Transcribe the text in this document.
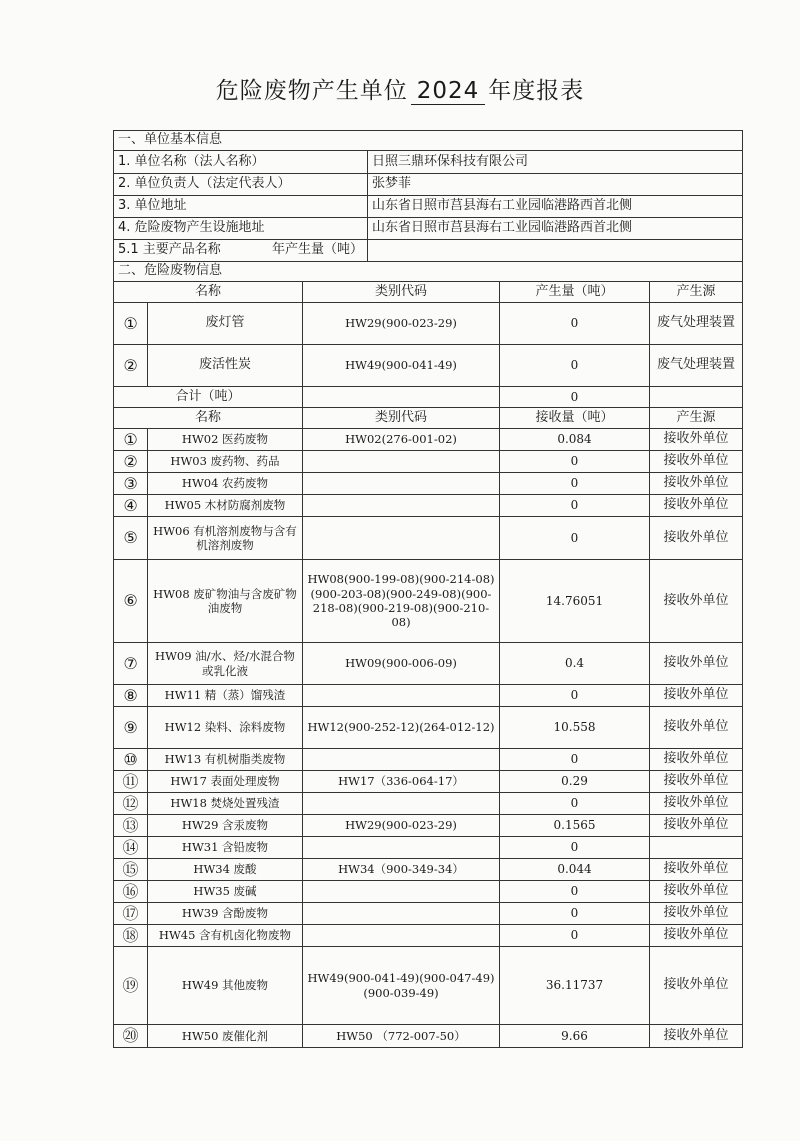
危险废物产生单位 2024 年度报表
一、单位基本信息					
1. 单位名称（法人名称）			日照三鼎环保科技有限公司		
2. 单位负责人（法定代表人）			张梦菲		
3. 单位地址			山东省日照市莒县海右工业园临港路西首北侧		
4. 危险废物产生设施地址			山东省日照市莒县海右工业园临港路西首北侧		
5.1 主要产品名称 年产生量（吨）					

二、危险废物信息					
名称		类别代码		产生量（吨）	产生源
①	废灯管	HW29(900-023-29)		0	废气处理装置
②	废活性炭	HW49(900-041-49)		0	废气处理装置
合计（吨）				0	
名称		类别代码		接收量（吨）	产生源
①	HW02 医药废物	HW02(276-001-02)		0.084	接收外单位
②	HW03 废药物、药品			0	接收外单位
③	HW04 农药废物			0	接收外单位
④	HW05 木材防腐剂废物			0	接收外单位
⑤	HW06 有机溶剂废物与含有机溶剂废物			0	接收外单位
⑥	HW08 废矿物油与含废矿物油废物	HW08(900-199-08)(900-214-08)(900-203-08)(900-249-08)(900-218-08)(900-219-08)(900-210-08)		14.76051	接收外单位
⑦	HW09 油/水、烃/水混合物或乳化液	HW09(900-006-09)		0.4	接收外单位
⑧	HW11 精（蒸）馏残渣			0	接收外单位
⑨	HW12 染料、涂料废物	HW12(900-252-12)(264-012-12)		10.558	接收外单位
⑩	HW13 有机树脂类废物			0	接收外单位
⑪	HW17 表面处理废物	HW17（336-064-17）		0.29	接收外单位
⑫	HW18 焚烧处置残渣			0	接收外单位
⑬	HW29 含汞废物	HW29(900-023-29)		0.1565	接收外单位
⑭	HW31 含铅废物			0	
⑮	HW34 废酸	HW34（900-349-34）		0.044	接收外单位
⑯	HW35 废碱			0	接收外单位
⑰	HW39 含酚废物			0	接收外单位
⑱	HW45 含有机卤化物废物			0	接收外单位
⑲	HW49 其他废物	HW49(900-041-49)(900-047-49)(900-039-49)		36.11737	接收外单位
⑳	HW50 废催化剂	HW50 （772-007-50）		9.66	接收外单位
